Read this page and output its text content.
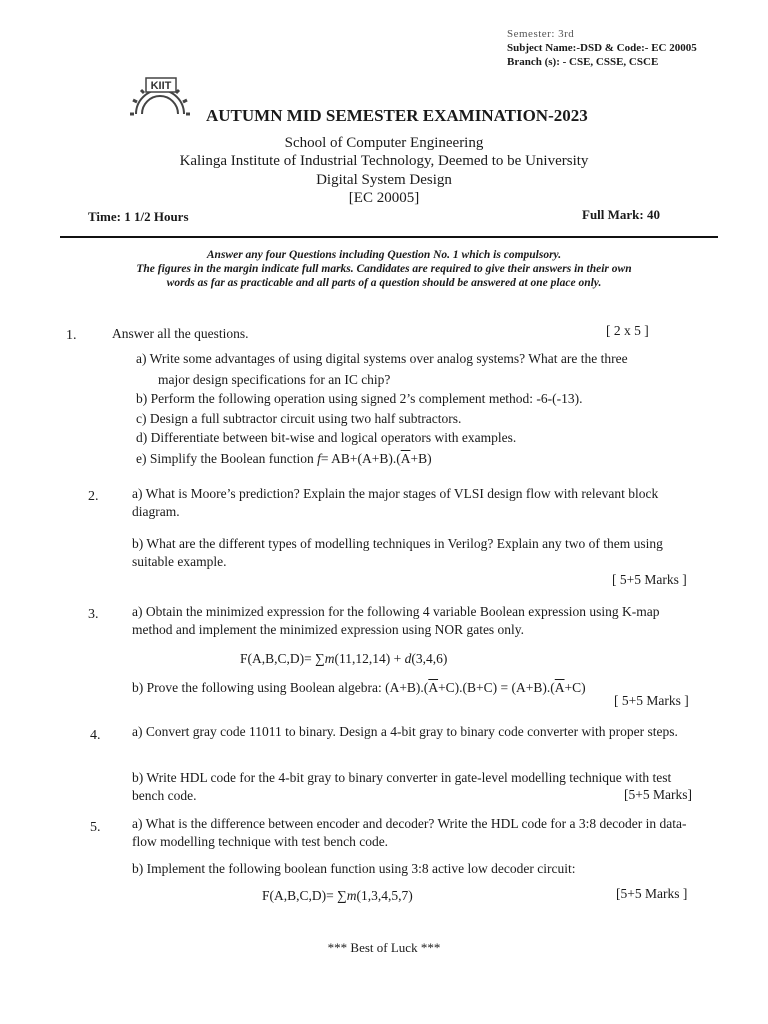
Semester: 3rd
Subject Name:-DSD & Code:- EC 20005
Branch (s): - CSE, CSSE, CSCE
KIIT
AUTUMN MID SEMESTER EXAMINATION-2023
School of Computer Engineering
Kalinga Institute of Industrial Technology, Deemed to be University
Digital System Design
[EC 20005]
Time: 1 1/2 Hours	Full Mark: 40
Answer any four Questions including Question No. 1 which is compulsory.
The figures in the margin indicate full marks. Candidates are required to give their answers in their own
words as far as practicable and all parts of a question should be answered at one place only.
1.	Answer all the questions.	[ 2 x 5 ]
a) Write some advantages of using digital systems over analog systems? What are the three
major design specifications for an IC chip?
b) Perform the following operation using signed 2’s complement method: -6-(-13).
c) Design a full subtractor circuit using two half subtractors.
d) Differentiate between bit-wise and logical operators with examples.
e) Simplify the Boolean function $f= AB+(A+B).(\overline{A}+B)$
2. a) What is Moore’s prediction? Explain the major stages of VLSI design flow with relevant block diagram.
b) What are the different types of modelling techniques in Verilog? Explain any two of them using suitable example.
[ 5+5 Marks ]
3. a) Obtain the minimized expression for the following 4 variable Boolean expression using K-map method and implement the minimized expression using NOR gates only.
F(A,B,C,D)= ∑m(11,12,14) + d(3,4,6)
b) Prove the following using Boolean algebra: $(A+B).(\overline{A}+C).(B+C) = (A+B).(\overline{A}+C)$
[ 5+5 Marks ]
4. a) Convert gray code 11011 to binary. Design a 4-bit gray to binary code converter with proper steps.
b) Write HDL code for the 4-bit gray to binary converter in gate-level modelling technique with test bench code.	[5+5 Marks]
5. a) What is the difference between encoder and decoder? Write the HDL code for a 3:8 decoder in data-flow modelling technique with test bench code.
b) Implement the following boolean function using 3:8 active low decoder circuit:
F(A,B,C,D)= ∑m(1,3,4,5,7)	[5+5 Marks ]
*** Best of Luck ***
